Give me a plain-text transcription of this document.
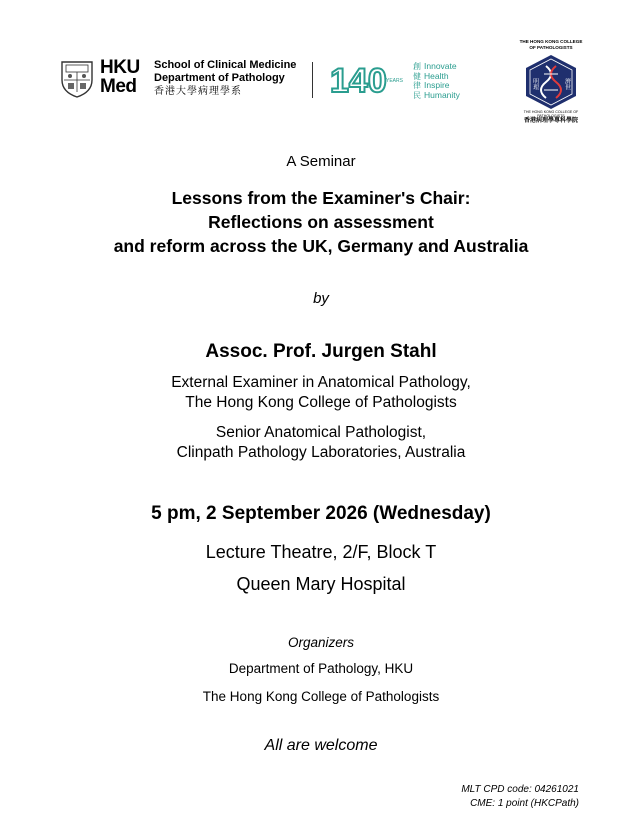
HKU
Med
School of Clinical Medicine
Department of Pathology
香港大學病理學系	140 YEARS
創 Innovate
健 Health
律 Inspire
民 Humanity
THE HONG KONG COLLEGE OF PATHOLOGISTS
明理	濟世
THE HONG KONG COLLEGE OF PATHOLOGISTS
香港病理學專科學院
A Seminar
Lessons from the Examiner's Chair:
Reflections on assessment
and reform across the UK, Germany and Australia
by
Assoc. Prof. Jurgen Stahl
External Examiner in Anatomical Pathology,
The Hong Kong College of Pathologists
Senior Anatomical Pathologist,
Clinpath Pathology Laboratories, Australia
5 pm, 2 September 2026 (Wednesday)
Lecture Theatre, 2/F, Block T
Queen Mary Hospital
Organizers
Department of Pathology, HKU
The Hong Kong College of Pathologists
All are welcome
MLT CPD code: 04261021
CME: 1 point (HKCPath)
